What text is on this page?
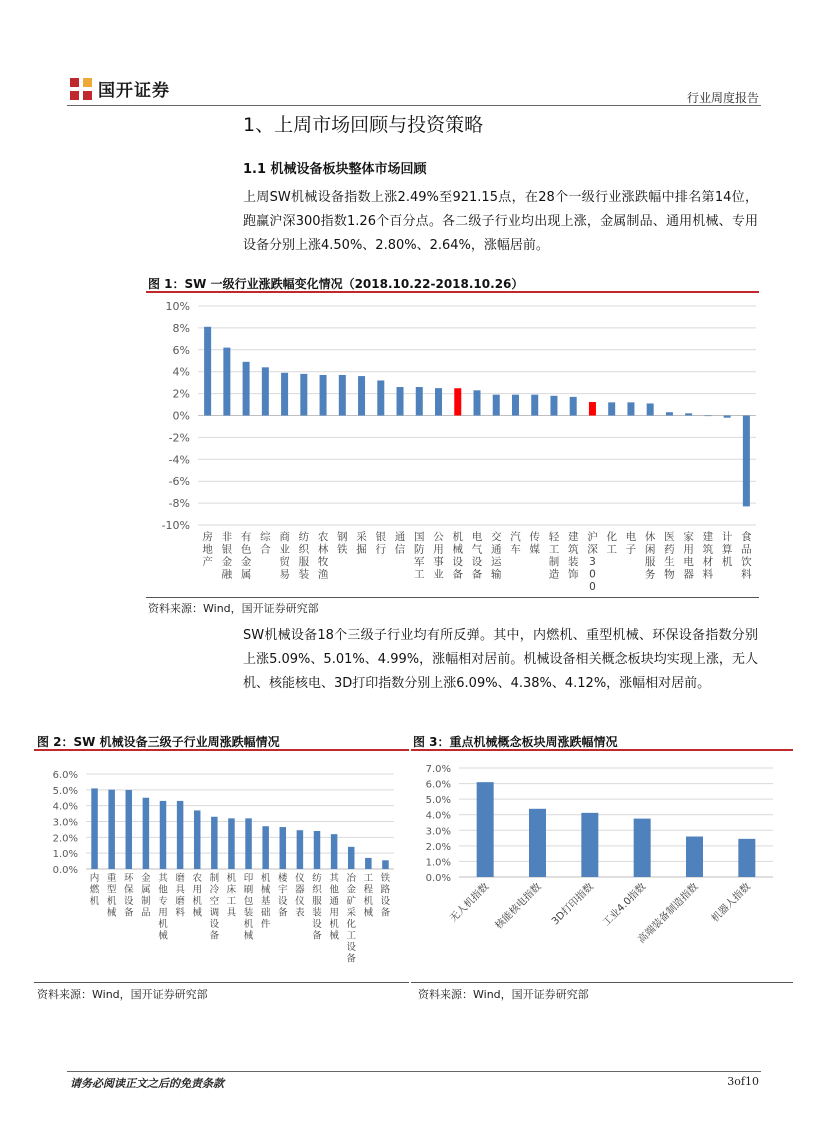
国开证券	行业周度报告
1、上周市场回顾与投资策略
1.1 机械设备板块整体市场回顾
上周SW机械设备指数上涨2.49%至921.15点，在28个一级行业涨跌幅中排名第14位，跑赢沪深300指数1.26个百分点。各二级子行业均出现上涨，金属制品、通用机械、专用设备分别上涨4.50%、2.80%、2.64%，涨幅居前。
图 1：SW 一级行业涨跌幅变化情况（2018.10.22-2018.10.26）
-10%
-8%
-6%
-4%
-2%
0%
2%
4%
6%
8%
10%
房地产
非银金融
有色金属
综合
商业贸易
纺织服装
农林牧渔
钢铁
采掘
银行
通信
国防军工
公用事业
机械设备
电气设备
交通运输
汽车
传媒
轻工制造
建筑装饰
沪深 3 0 0
化工
电子
休闲服务
医药生物
家用电器
建筑材料
计算机
食品饮料
资料来源：Wind，国开证券研究部
SW机械设备18个三级子行业均有所反弹。其中，内燃机、重型机械、环保设备指数分别上涨5.09%、5.01%、4.99%，涨幅相对居前。机械设备相关概念板块均实现上涨，无人机、核能核电、3D打印指数分别上涨6.09%、4.38%、4.12%，涨幅相对居前。
图 2：SW 机械设备三级子行业周涨跌幅情况
0.0%
1.0%
2.0%
3.0%
4.0%
5.0%
6.0%
内燃机
重型机械
环保设备
金属制品
其他专用机械
磨具磨料
农用机械
制冷空调设备
机床工具
印刷包装机械
机械基础件
楼宇设备
仪器仪表
纺织服装设备
其他通用机械
冶金矿采化工设备
工程机械
铁路设备
资料来源：Wind，国开证券研究部
图 3：重点机械概念板块周涨跌幅情况
0.0%
1.0%
2.0%
3.0%
4.0%
5.0%
6.0%
7.0%
无人机指数 核能核电指数 3D打印指数 工业4.0指数
高端装备制造指数 机器人指数
资料来源：Wind，国开证券研究部
请务必阅读正文之后的免责条款	3of10
